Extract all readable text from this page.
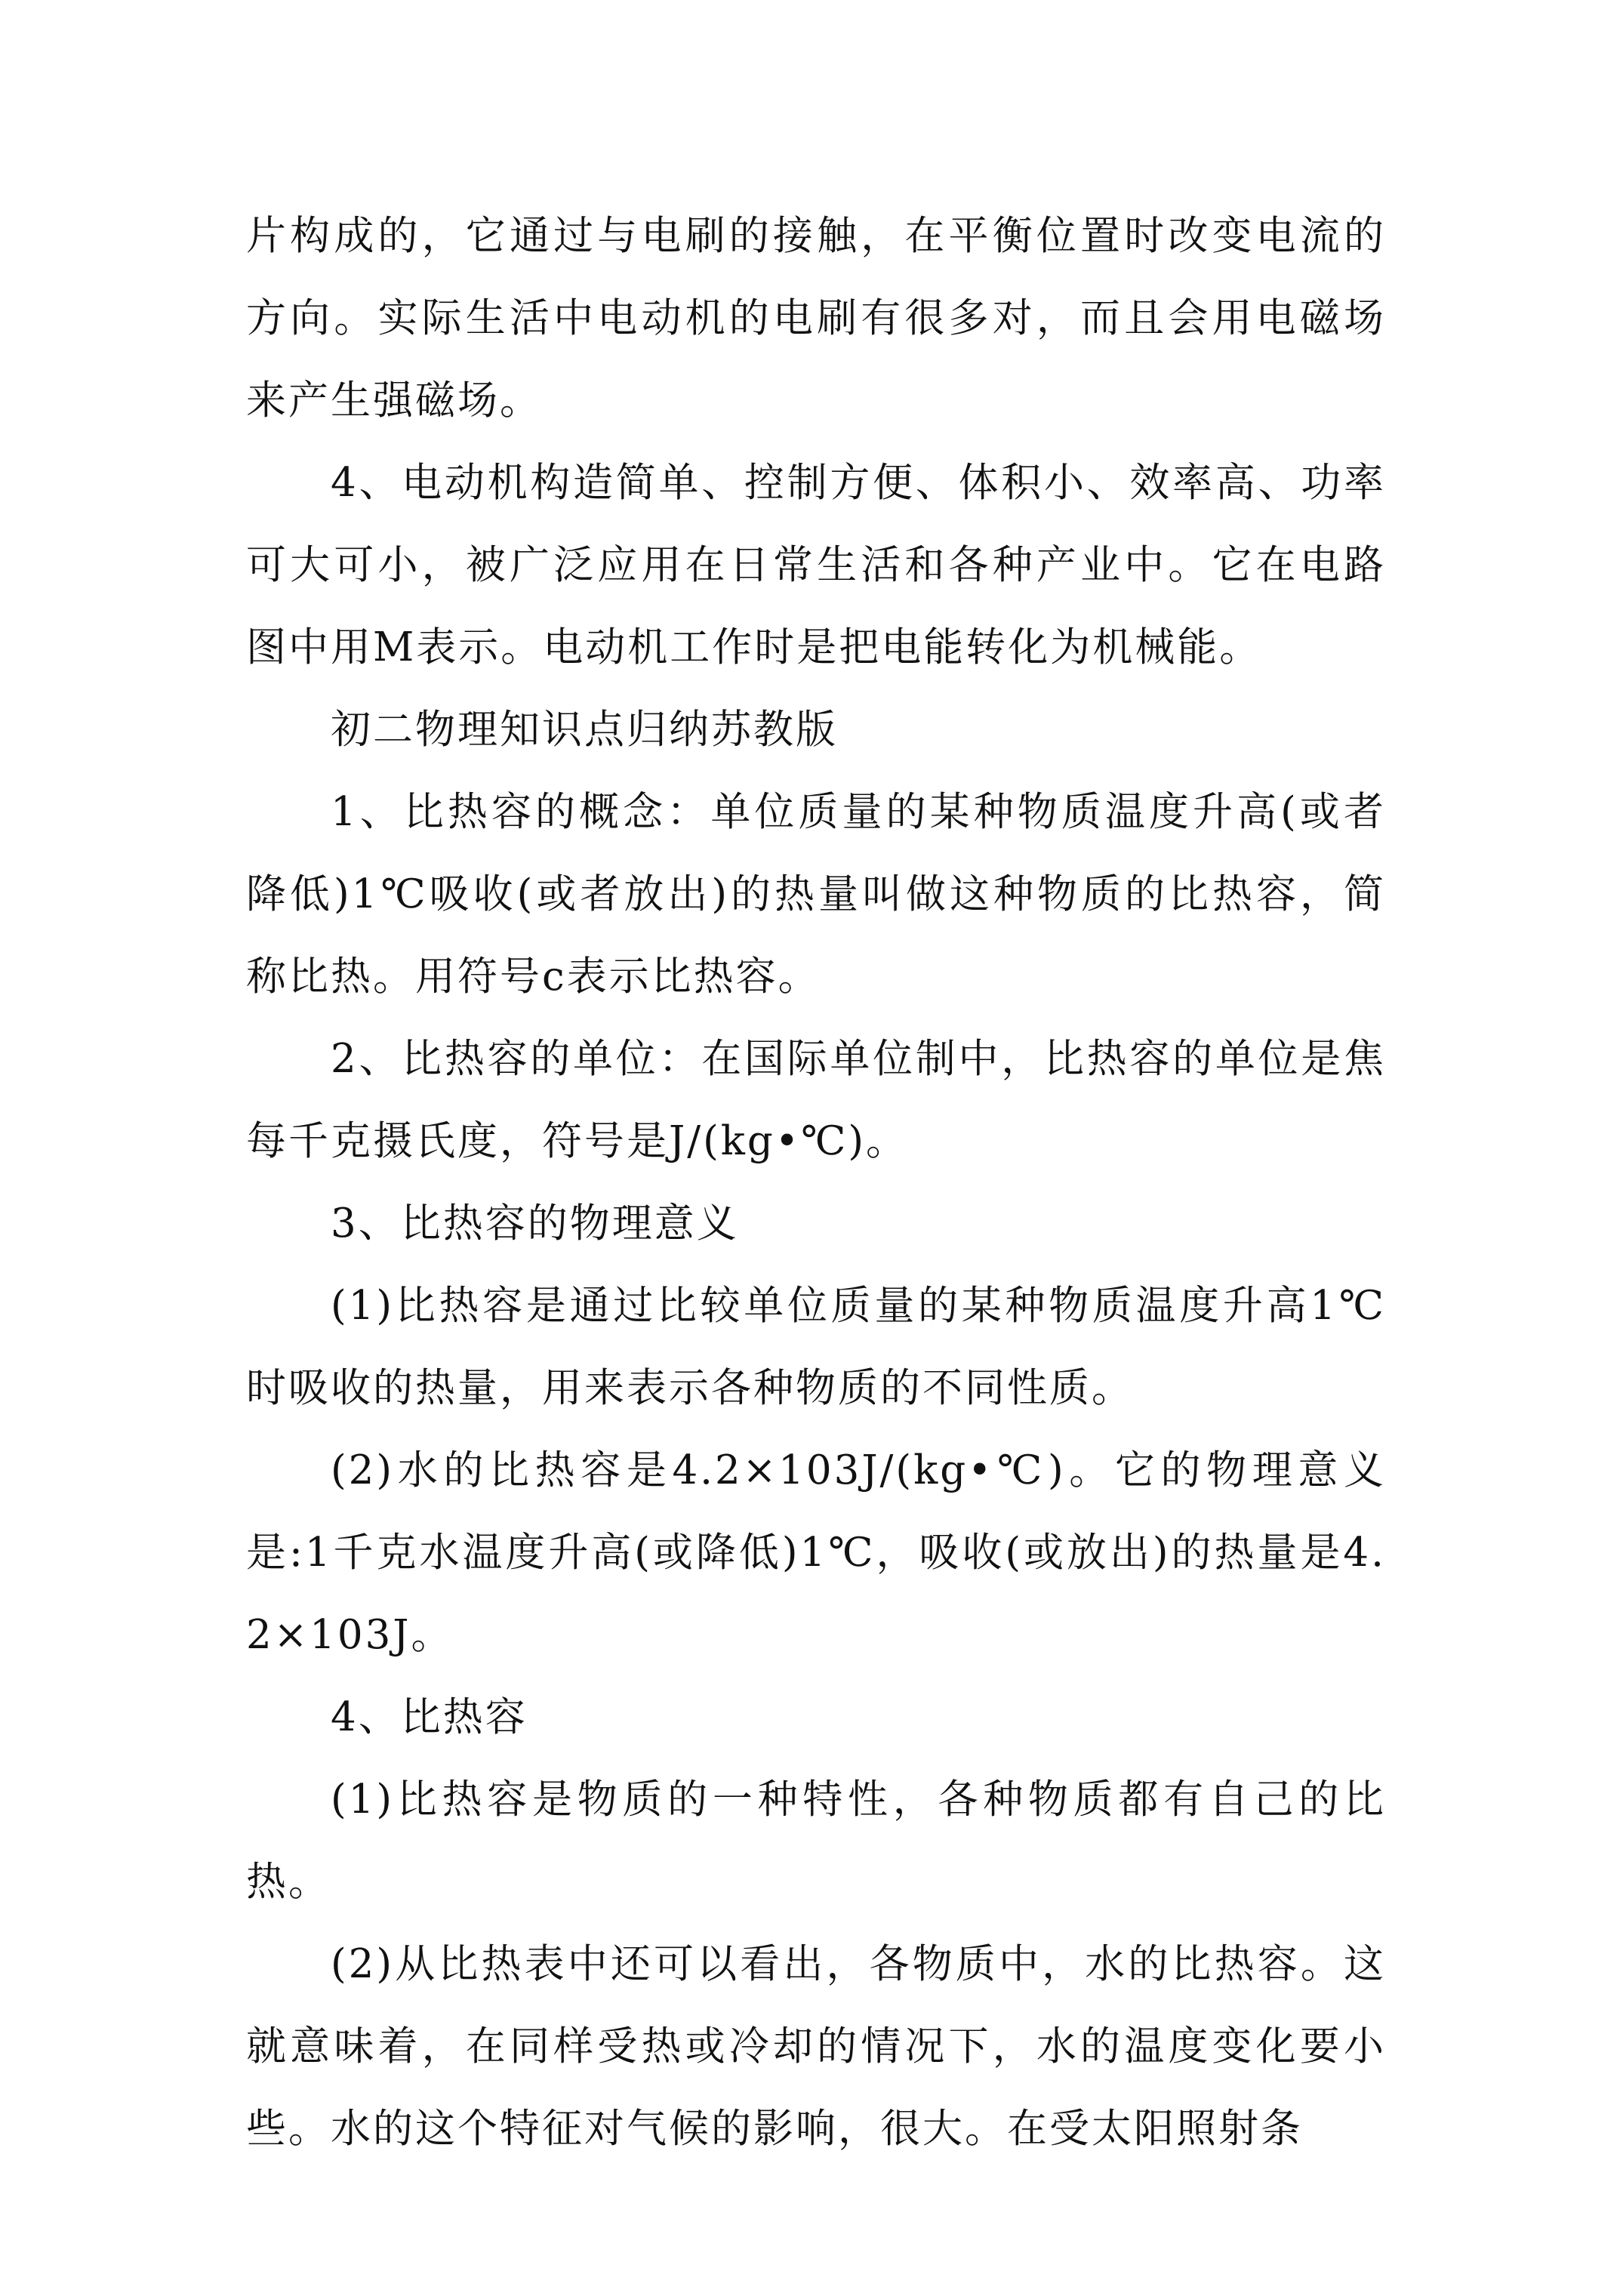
片构成的，它通过与电刷的接触，在平衡位置时改变电流的方向。实际生活中电动机的电刷有很多对，而且会用电磁场来产生强磁场。

4、电动机构造简单、控制方便、体积小、效率高、功率可大可小，被广泛应用在日常生活和各种产业中。它在电路图中用M表示。电动机工作时是把电能转化为机械能。

初二物理知识点归纳苏教版

1、比热容的概念：单位质量的某种物质温度升高(或者降低)1℃吸收(或者放出)的热量叫做这种物质的比热容，简称比热。用符号c表示比热容。

2、比热容的单位：在国际单位制中，比热容的单位是焦每千克摄氏度，符号是J/(kg•℃)。

3、比热容的物理意义

(1)比热容是通过比较单位质量的某种物质温度升高1℃时吸收的热量，用来表示各种物质的不同性质。

(2)水的比热容是4.2×103J/(kg•℃)。它的物理意义是:1千克水温度升高(或降低)1℃，吸收(或放出)的热量是4.2×103J。

4、比热容

(1)比热容是物质的一种特性，各种物质都有自己的比热。

(2)从比热表中还可以看出，各物质中，水的比热容。这就意味着，在同样受热或冷却的情况下，水的温度变化要小些。水的这个特征对气候的影响，很大。在受太阳照射条
